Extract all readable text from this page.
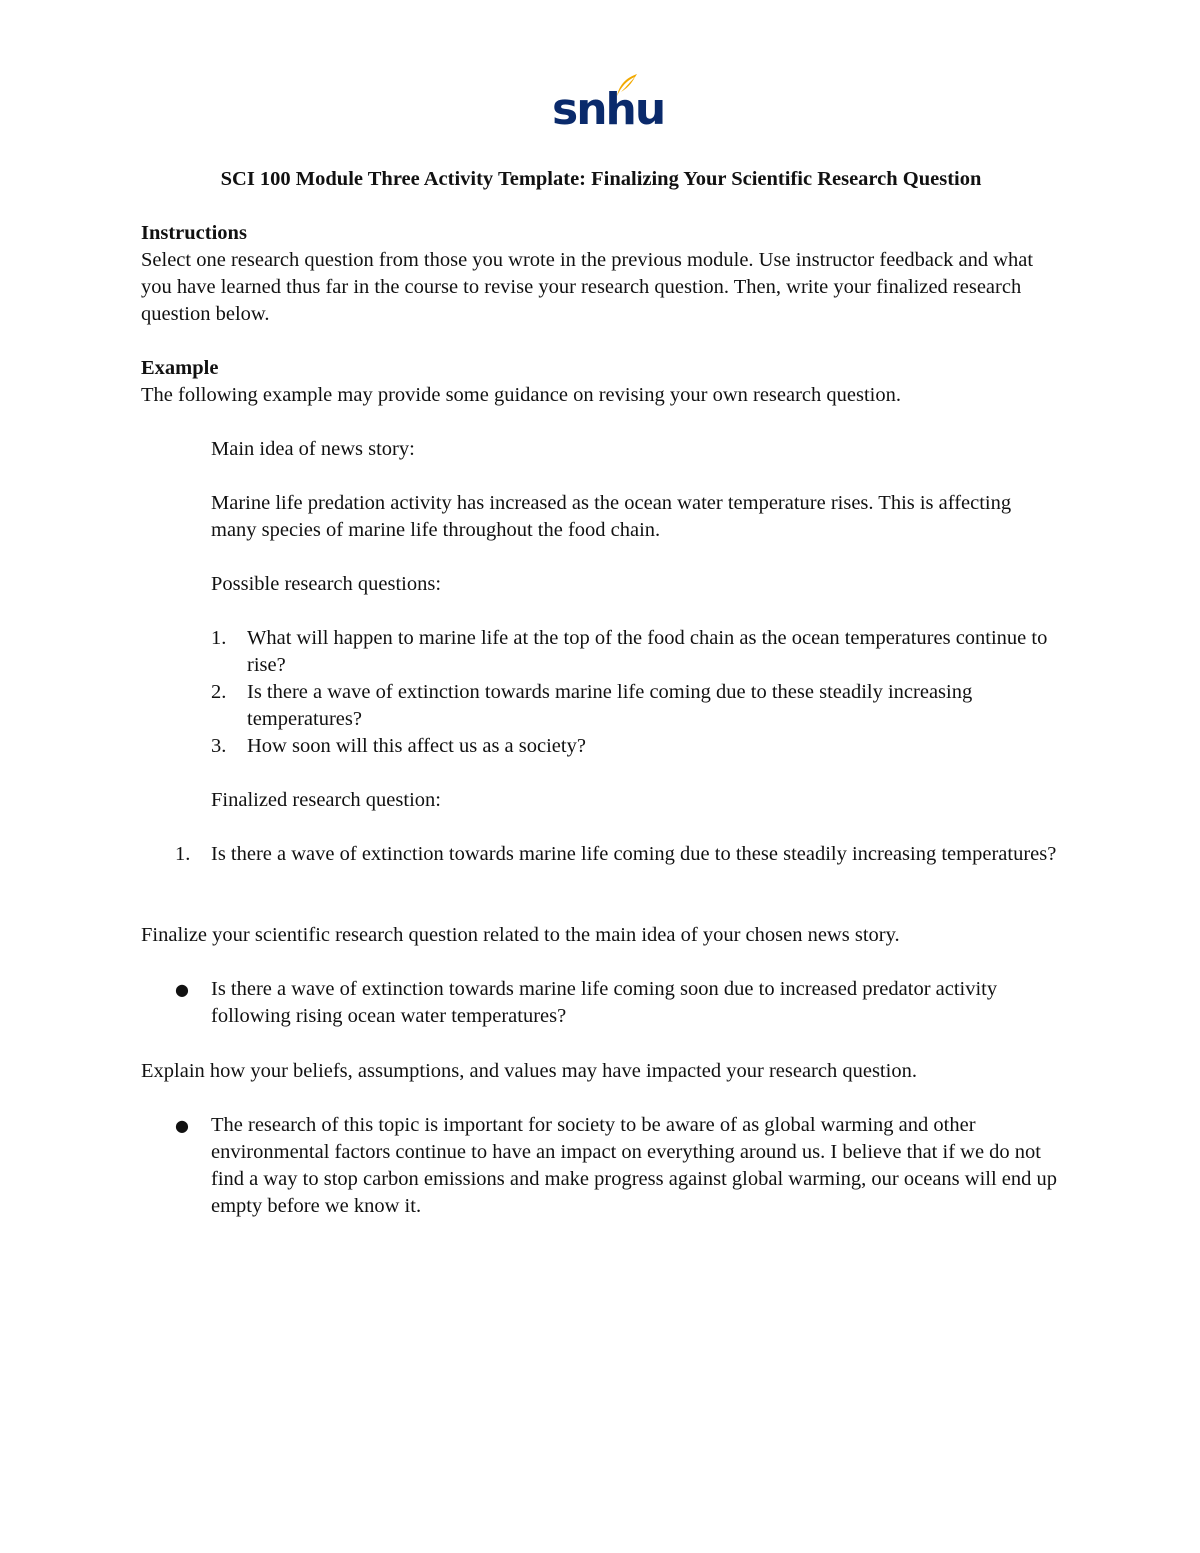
snhu
SCI 100 Module Three Activity Template: Finalizing Your Scientific Research Question
Instructions
Select one research question from those you wrote in the previous module. Use instructor feedback and what you have learned thus far in the course to revise your research question. Then, write your finalized research question below.
Example
The following example may provide some guidance on revising your own research question.
Main idea of news story:
Marine life predation activity has increased as the ocean water temperature rises. This is affecting many species of marine life throughout the food chain.
Possible research questions:
1. What will happen to marine life at the top of the food chain as the ocean temperatures continue to rise?
2. Is there a wave of extinction towards marine life coming due to these steadily increasing temperatures?
3. How soon will this affect us as a society?
Finalized research question:
1. Is there a wave of extinction towards marine life coming due to these steadily increasing temperatures?
Finalize your scientific research question related to the main idea of your chosen news story.
●	Is there a wave of extinction towards marine life coming soon due to increased predator activity following rising ocean water temperatures?
Explain how your beliefs, assumptions, and values may have impacted your research question.
●	The research of this topic is important for society to be aware of as global warming and other environmental factors continue to have an impact on everything around us. I believe that if we do not find a way to stop carbon emissions and make progress against global warming, our oceans will end up empty before we know it.
